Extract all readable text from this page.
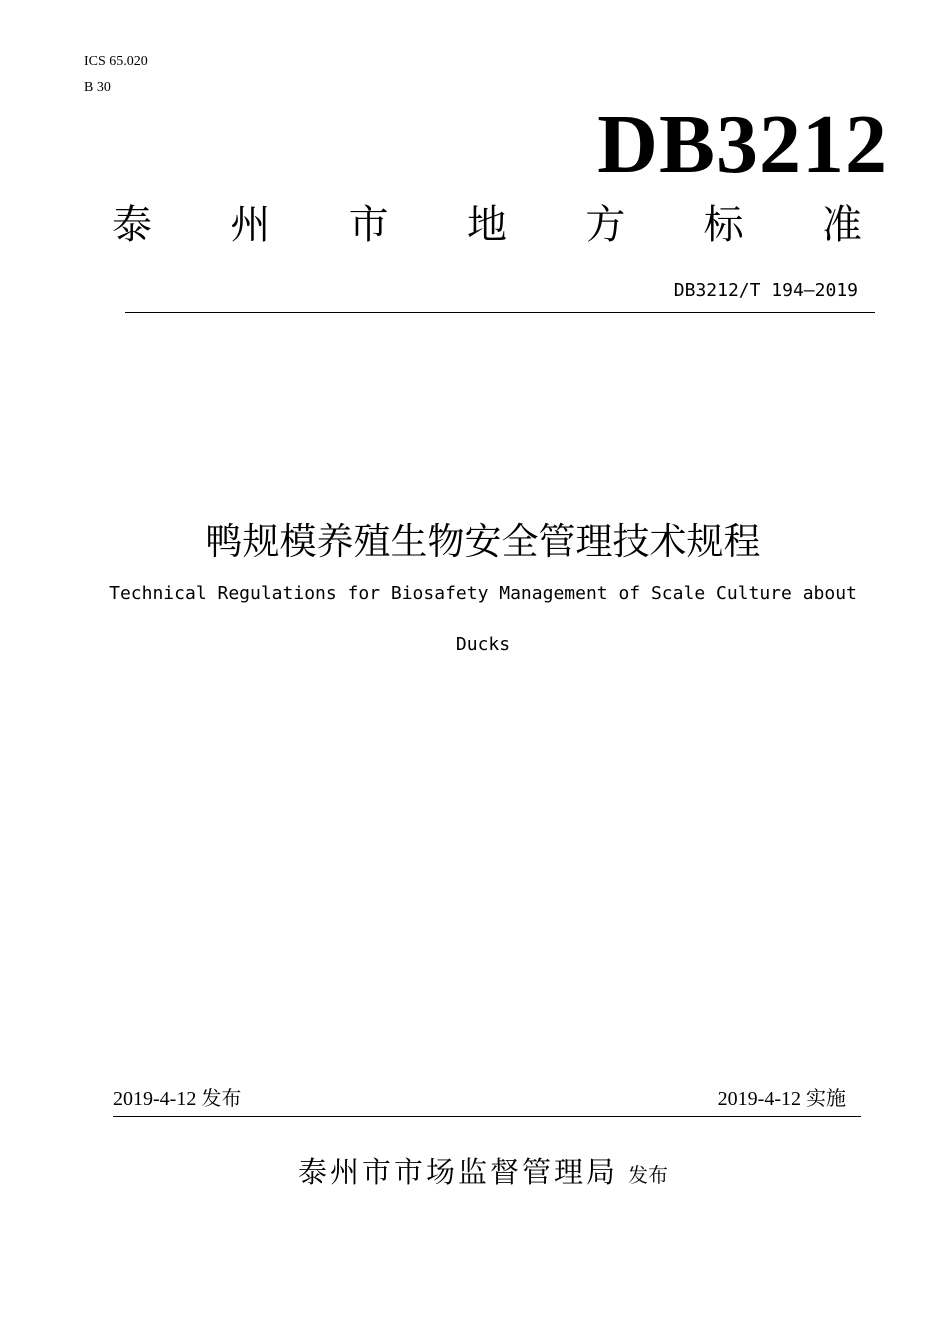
ICS 65.020
B 30
DB3212
泰 州 市 地 方 标 准
DB3212/T 194—2019
鸭规模养殖生物安全管理技术规程
Technical Regulations for Biosafety Management of Scale Culture about
Ducks
2019-4-12 发布	2019-4-12 实施
泰州市市场监督管理局 发布
